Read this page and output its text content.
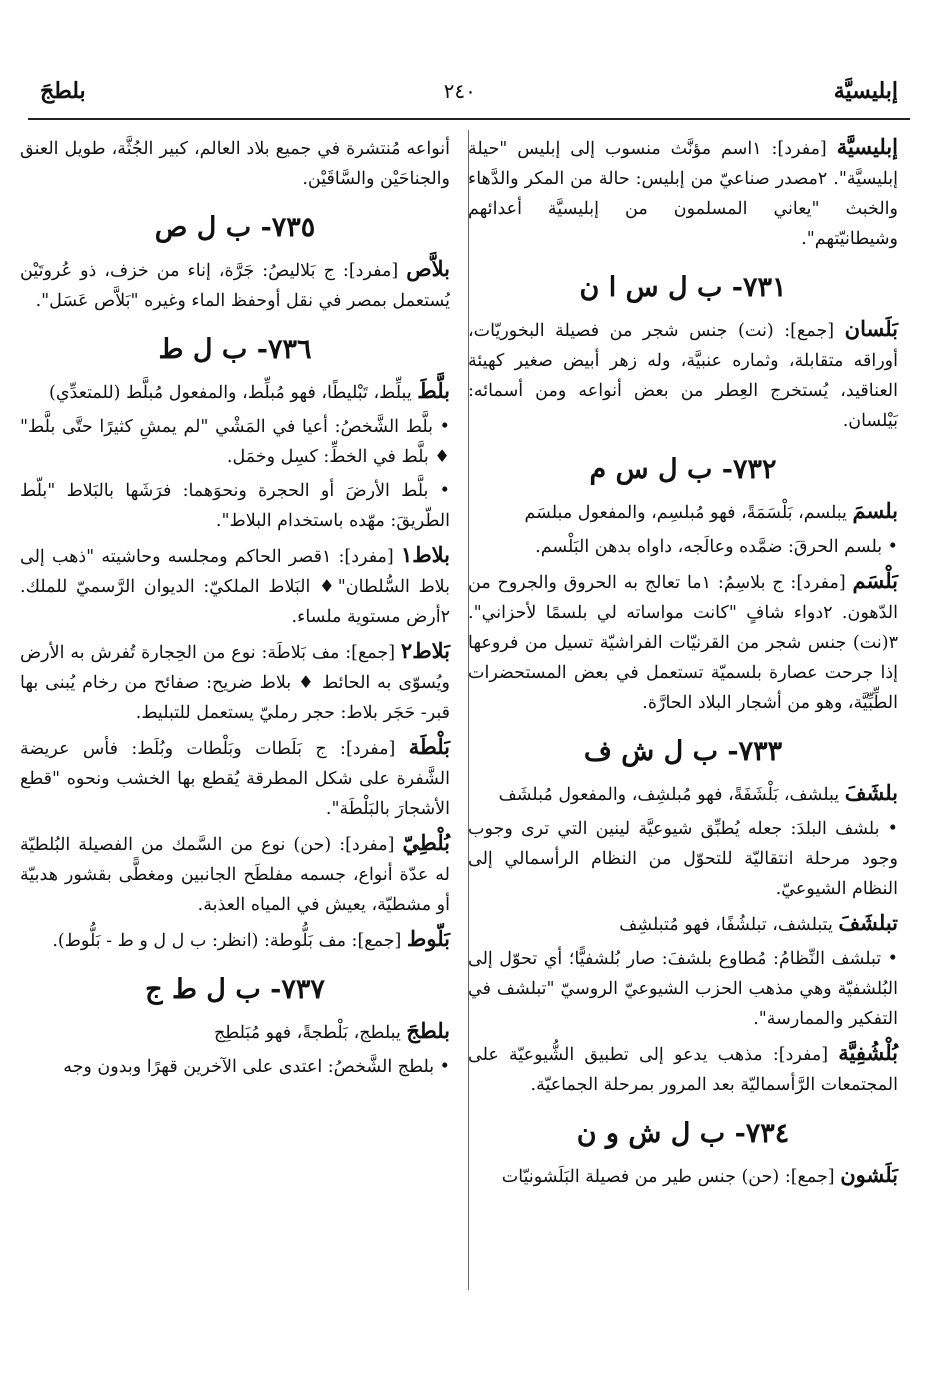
بلطجَ	٢٤٠	إبليسيَّة
إبليسيَّة [مفرد]: ١اسم مؤنَّث منسوب إلى إبليس "حيلة إبليسيَّة". ٢مصدر صناعيّ من إبليس: حالة من المكر والدَّهاء والخبث "يعاني المسلمون من إبليسيَّة أعدائهم وشيطانيّتهم".
٧٣١- ب ل س ا ن
بَلَسان [جمع]: (نت) جنس شجر من فصيلة البخوريّات، أوراقه متقابلة، وثماره عنبيَّة، وله زهر أبيض صغير كهيئة العناقيد، يُستخرج العِطر من بعض أنواعه ومن أسمائه: بَيْلسان.
٧٣٢- ب ل س م
بلسمَ يبلسم، بَلْسَمَةً، فهو مُبلسِم، والمفعول مبلسَم
• بلسم الحرقَ: ضمَّده وعالَجه، داواه بدهن البَلْسم.
بَلْسَم [مفرد]: ج بلاسِمُ: ١ما تعالج به الحروق والجروح من الدّهون. ٢دواء شافٍ "كانت مواساته لي بلسمًا لأحزاني". ٣(نت) جنس شجر من القرنيّات الفراشيّة تسيل من فروعها إذا جرحت عصارة بلسميّة تستعمل في بعض المستحضرات الطِّبِّيَّة، وهو من أشجار البلاد الحارَّة.
٧٣٣- ب ل ش ف
بلشَفَ يبلشف، بَلْشَفَةً، فهو مُبلشِف، والمفعول مُبلشَف
• بلشف البلدَ: جعله يُطبِّق شيوعيَّة لينين التي ترى وجوب وجود مرحلة انتقاليّة للتحوّل من النظام الرأسمالي إلى النظام الشيوعيّ.
تبلشَفَ يتبلشف، تبلشُفًا، فهو مُتبلشِف
• تبلشف النِّظامُ: مُطاوع بلشفَ: صار بُلشفيًّا؛ أي تحوّل إلى البُلشفيّة وهي مذهب الحزب الشيوعيّ الروسيّ "تبلشف في التفكير والممارسة".
بُلْشُفِيَّة [مفرد]: مذهب يدعو إلى تطبيق الشُّيوعيّة على المجتمعات الرَّأسماليّة بعد المرور بمرحلة الجماعيّة.
٧٣٤- ب ل ش و ن
بَلَشون [جمع]: (حن) جنس طير من فصيلة البَلَشونيّات
أنواعه مُنتشرة في جميع بلاد العالم، كبير الجُثَّة، طويل العنق والجناحَيْن والسَّاقَيْن.
٧٣٥- ب ل ص
بلاَّص [مفرد]: ج بَلاليصُ: جَرَّة، إناء من خزف، ذو عُروتَيْن يُستعمل بمصر في نقل أوحفظ الماء وغيره "بَلاَّص عَسَل".
٧٣٦- ب ل ط
بلَّطَ يبلِّط، تَبْليطًا، فهو مُبلِّط، والمفعول مُبلَّط (للمتعدِّي)
• بلَّط الشَّخصُ: أعيا في المَشْي "لم يمشِ كثيرًا حتَّى بلَّط" ♦ بلَّط في الخطِّ: كسِل وخمَل.
• بلَّط الأرضَ أو الحجرة ونحوَهما: فرَشَها بالبَلاط "بلّط الطّريقَ: مهّده باستخدام البلاط".
بلاط١ [مفرد]: ١قصر الحاكم ومجلسه وحاشيته "ذهب إلى بلاط السُّلطان"♦ البَلاط الملكيّ: الديوان الرَّسميّ للملك. ٢أرض مستوية ملساء.
بَلاط٢ [جمع]: مف بَلاطَة: نوع من الحِجارة تُفرش به الأرض ويُسوّى به الحائط ♦ بلاط ضريح: صفائح من رخام يُبنى بها قبر- حَجَر بلاط: حجر رمليّ يستعمل للتبليط.
بَلْطَة [مفرد]: ج بَلَطات وبَلْطات وبُلَط: فأس عريضة الشَّفرة على شكل المطرقة يُقطع بها الخشب ونحوه "قطع الأشجارَ بالبَلْطَة".
بُلْطِيّ [مفرد]: (حن) نوع من السَّمك من الفصيلة البُلطيّة له عدّة أنواع، جسمه مفلطَح الجانبين ومغطًّى بقشور هدبيّة أو مشطيّة، يعيش في المياه العذبة.
بَلّوط [جمع]: مف بَلُّوطة: (انظر: ب ل ل و ط - بَلُّوط).
٧٣٧- ب ل ط ج
بلطجَ يبلطج، بَلْطجةً، فهو مُبَلطِج
• بلطج الشَّخصُ: اعتدى على الآخرين قهرًا وبدون وجه
